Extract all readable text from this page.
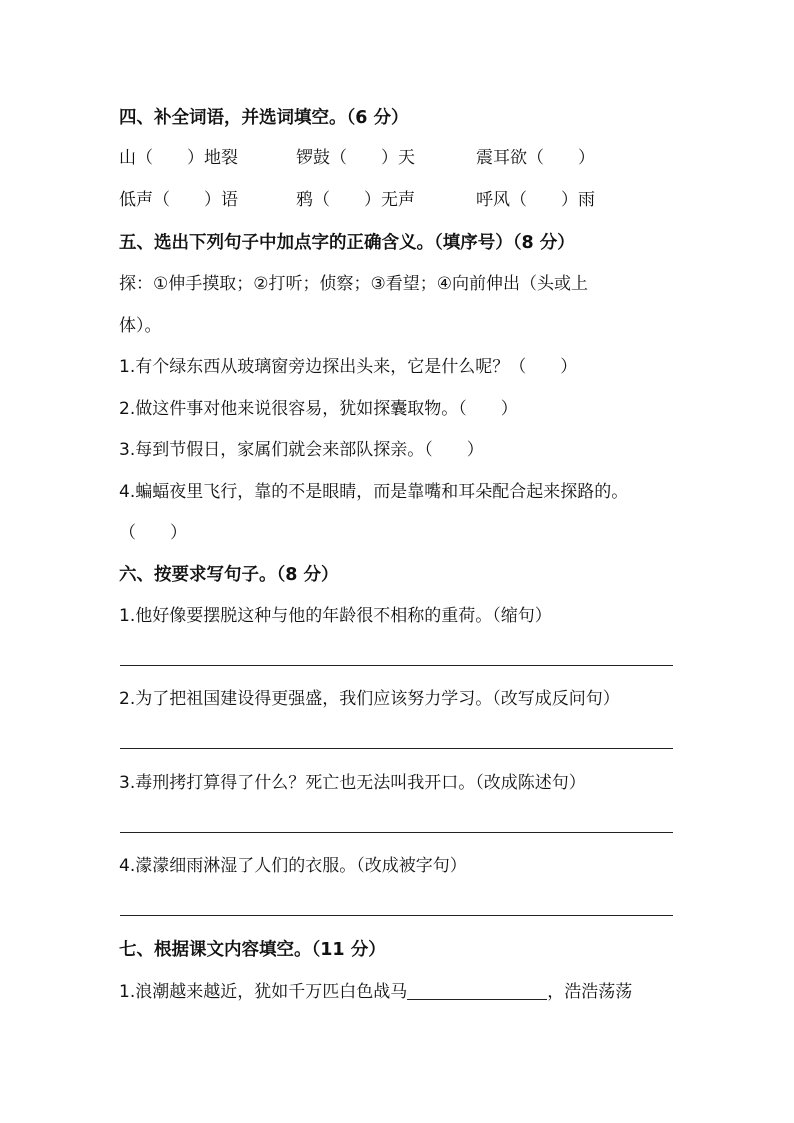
四、补全词语，并选词填空。（6 分）
山（　　）地裂	锣鼓（　　）天	震耳欲（　　）
低声（　　）语	鸦（　　）无声	呼风（　　）雨
五、选出下列句子中加点字的正确含义。（填序号）（8 分）
探：①伸手摸取；②打听；侦察；③看望；④向前伸出（头或上
体）。
1.有个绿东西从玻璃窗旁边探出头来，它是什么呢？（　　）
2.做这件事对他来说很容易，犹如探囊取物。（　　）
3.每到节假日，家属们就会来部队探亲。（　　）
4.蝙蝠夜里飞行，靠的不是眼睛，而是靠嘴和耳朵配合起来探路的。
（　　）
六、按要求写句子。（8 分）
1.他好像要摆脱这种与他的年龄很不相称的重荷。（缩句）
2.为了把祖国建设得更强盛，我们应该努力学习。（改写成反问句）
3.毒刑拷打算得了什么？死亡也无法叫我开口。（改成陈述句）
4.濛濛细雨淋湿了人们的衣服。（改成被字句）
七、根据课文内容填空。（11 分）
1.浪潮越来越近，犹如千万匹白色战马	，浩浩荡荡
